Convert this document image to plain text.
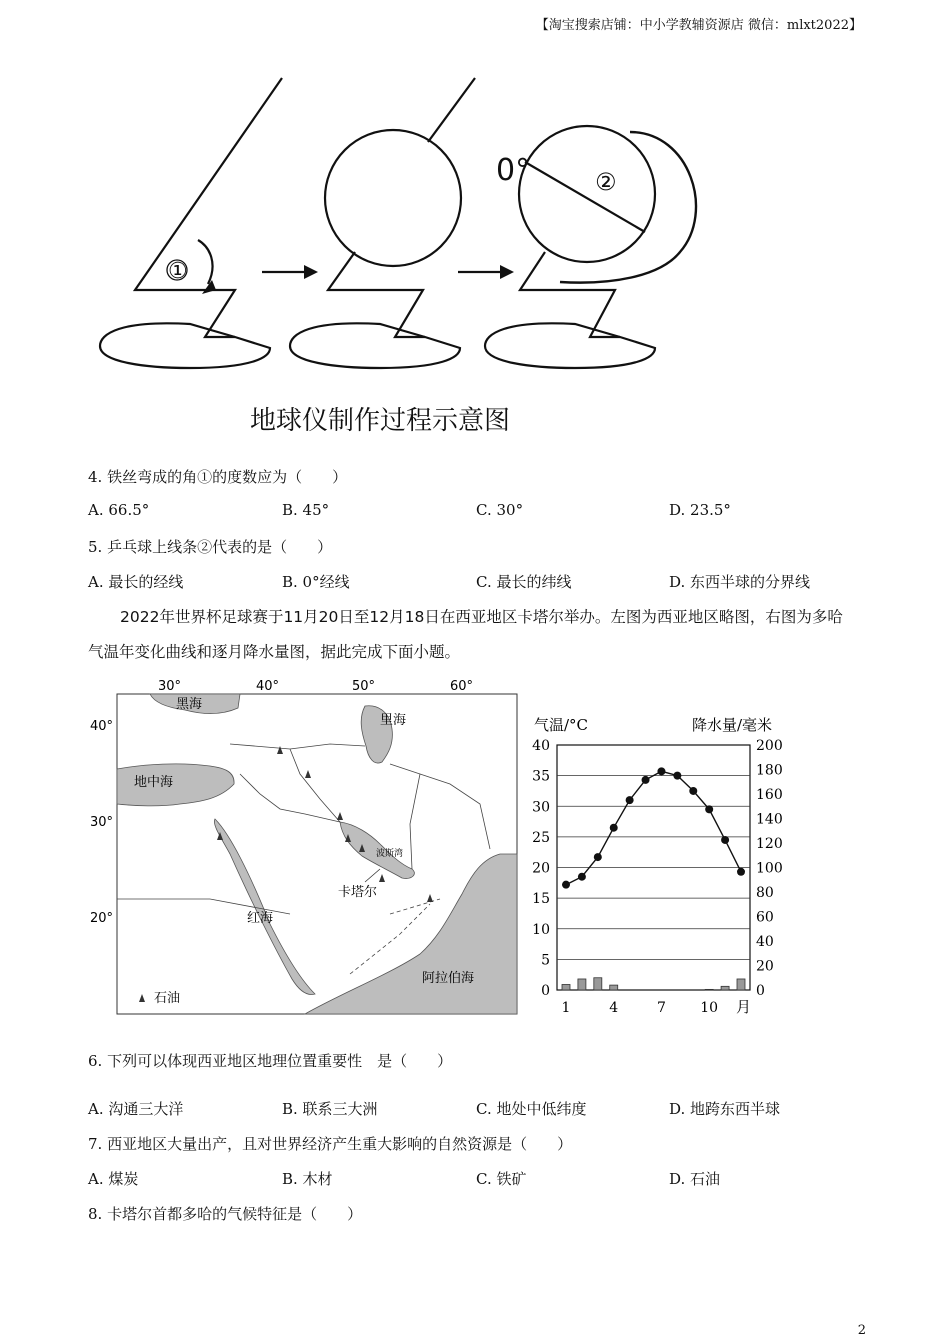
【淘宝搜索店铺：中小学教辅资源店 微信：mlxt2022】
①
0°	②
地球仪制作过程示意图
4. 铁丝弯成的角①的度数应为（　　）
A. 66.5°	B. 45°	C. 30°	D. 23.5°
5. 乒乓球上线条②代表的是（　　）
A. 最长的经线	B. 0°经线	C. 最长的纬线	D. 东西半球的分界线
2022年世界杯足球赛于11月20日至12月18日在西亚地区卡塔尔举办。左图为西亚地区略图，右图为多哈气温年变化曲线和逐月降水量图，据此完成下面小题。
30°	40°	50°	60°
40°
30°
20°
黑海
里海
地中海
红海
波斯湾
阿拉伯海
卡塔尔
石油
气温/°C	降水量/毫米
0
5
10
15
20
25
30
35
40
0
20
40
60
80
100
120
140
160
180
200
1	4	7 10 月
6. 下列可以体现西亚地区地理位置重要性　是（　　）
A. 沟通三大洋	B. 联系三大洲	C. 地处中低纬度	D. 地跨东西半球
7. 西亚地区大量出产，且对世界经济产生重大影响的自然资源是（　　）
A. 煤炭	B. 木材	C. 铁矿	D. 石油
8. 卡塔尔首都多哈的气候特征是（　　）
2
